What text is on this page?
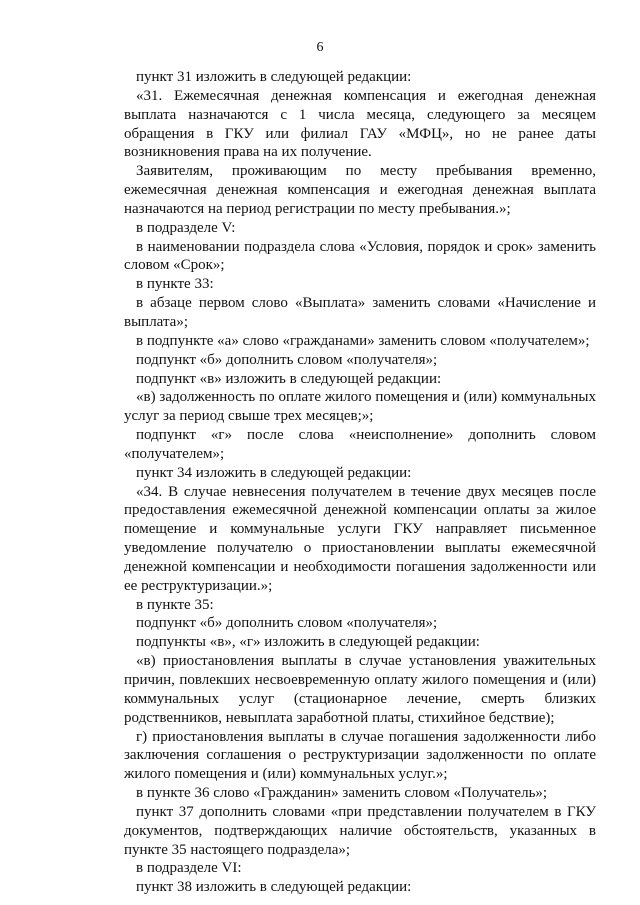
6

пункт 31 изложить в следующей редакции:

«31. Ежемесячная денежная компенсация и ежегодная денежная выплата назначаются с 1 числа месяца, следующего за месяцем обращения в ГКУ или филиал ГАУ «МФЦ», но не ранее даты возникновения права на их получение.

Заявителям, проживающим по месту пребывания временно, ежемесячная денежная компенсация и ежегодная денежная выплата назначаются на период регистрации по месту пребывания.»;

в подразделе V:

в наименовании подраздела слова «Условия, порядок и срок» заменить словом «Срок»;

в пункте 33:

в абзаце первом слово «Выплата» заменить словами «Начисление и выплата»;

в подпункте «а» слово «гражданами» заменить словом «получателем»;

подпункт «б» дополнить словом «получателя»;

подпункт «в» изложить в следующей редакции:

«в) задолженность по оплате жилого помещения и (или) коммунальных услуг за период свыше трех месяцев;»;

подпункт «г» после слова «неисполнение» дополнить словом «получателем»;

пункт 34 изложить в следующей редакции:

«34. В случае невнесения получателем в течение двух месяцев после предоставления ежемесячной денежной компенсации оплаты за жилое помещение и коммунальные услуги ГКУ направляет письменное уведомление получателю о приостановлении выплаты ежемесячной денежной компенсации и необходимости погашения задолженности или ее реструктуризации.»;

в пункте 35:

подпункт «б» дополнить словом «получателя»;

подпункты «в», «г» изложить в следующей редакции:

«в) приостановления выплаты в случае установления уважительных причин, повлекших несвоевременную оплату жилого помещения и (или) коммунальных услуг (стационарное лечение, смерть близких родственников, невыплата заработной платы, стихийное бедствие);

г) приостановления выплаты в случае погашения задолженности либо заключения соглашения о реструктуризации задолженности по оплате жилого помещения и (или) коммунальных услуг.»;

в пункте 36 слово «Гражданин» заменить словом «Получатель»;

пункт 37 дополнить словами «при представлении получателем в ГКУ документов, подтверждающих наличие обстоятельств, указанных в пункте 35 настоящего подраздела»;

в подразделе VI:

пункт 38 изложить в следующей редакции:
